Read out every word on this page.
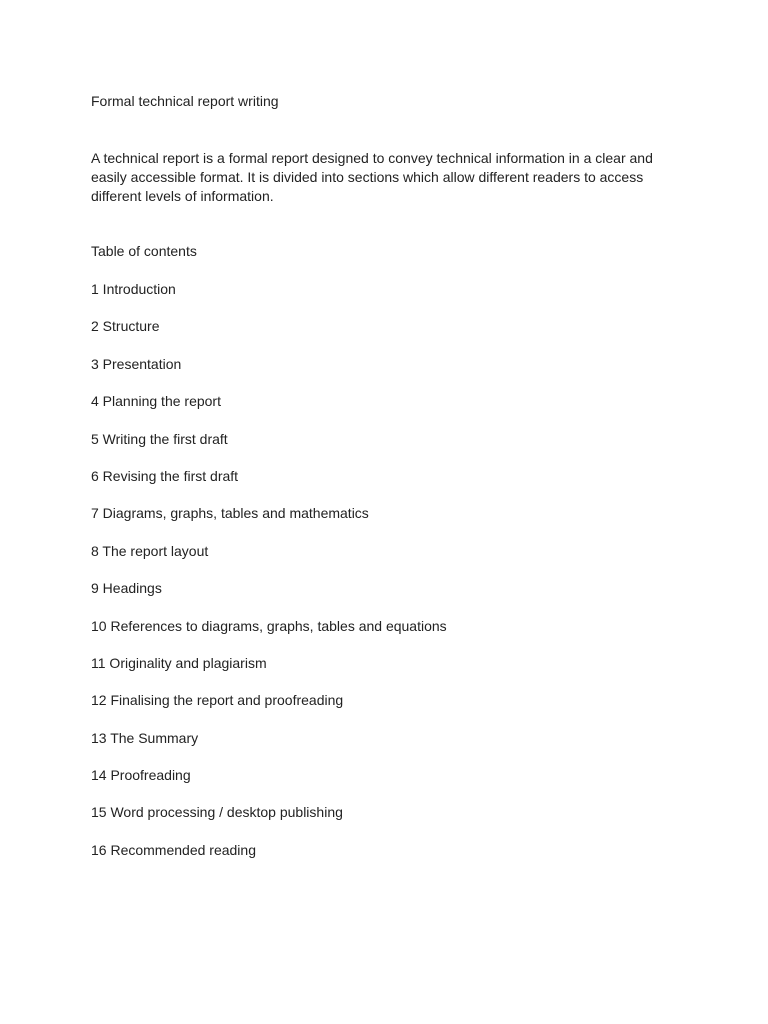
Formal technical report writing
A technical report is a formal report designed to convey technical information in a clear and easily accessible format. It is divided into sections which allow different readers to access different levels of information.
Table of contents
1 Introduction
2 Structure
3 Presentation
4 Planning the report
5 Writing the first draft
6 Revising the first draft
7 Diagrams, graphs, tables and mathematics
8 The report layout
9 Headings
10 References to diagrams, graphs, tables and equations
11 Originality and plagiarism
12 Finalising the report and proofreading
13 The Summary
14 Proofreading
15 Word processing / desktop publishing
16 Recommended reading
